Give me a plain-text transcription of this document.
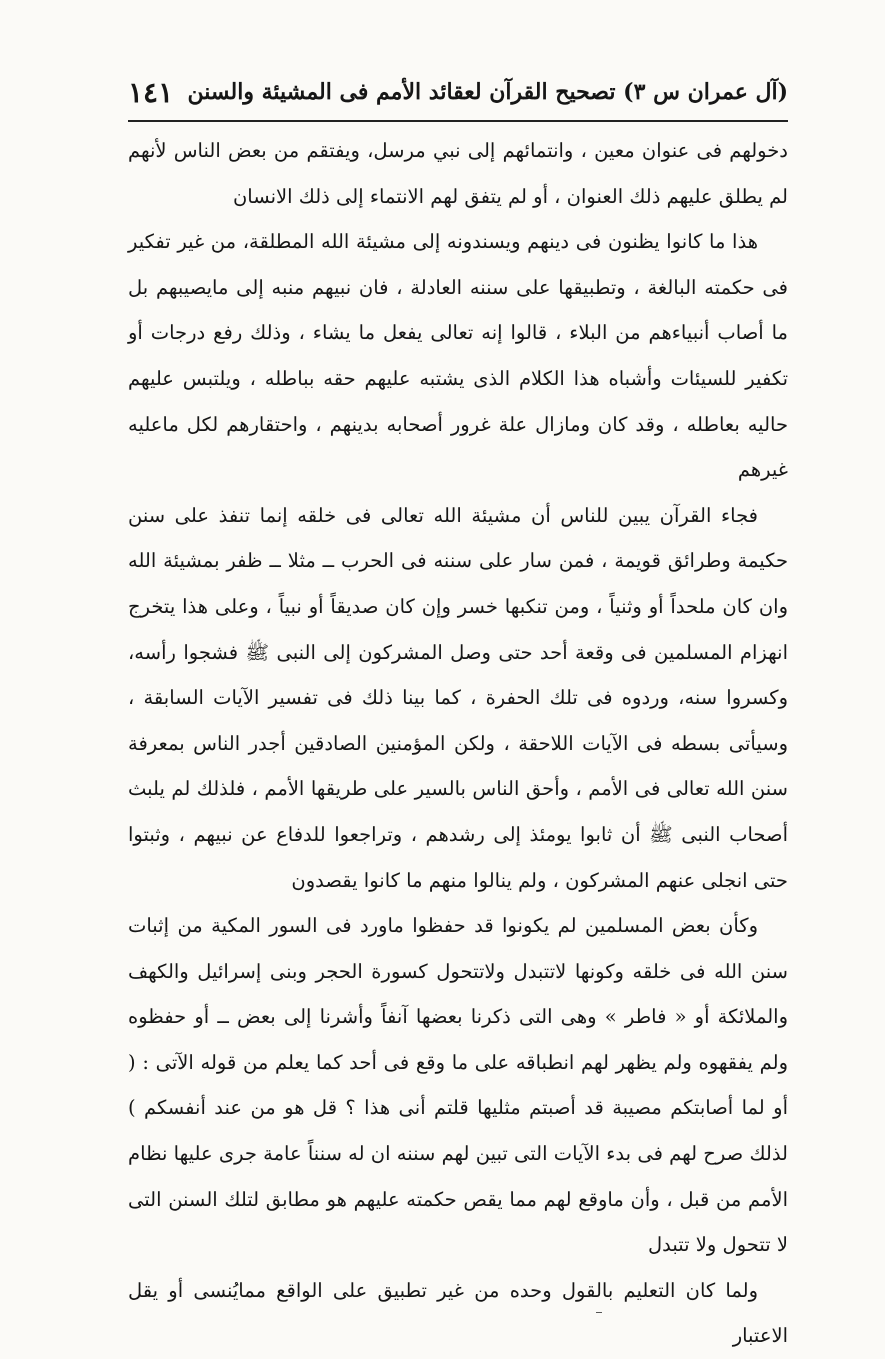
(آل عمران س ٣) تصحيح القرآن لعقائد الأمم فى المشيئة والسنن
١٤١

دخولهم فى عنوان معين ، وانتمائهم إلى نبي مرسل، ويفتقم من بعض الناس لأنهم لم يطلق عليهم ذلك العنوان ، أو لم يتفق لهم الانتماء إلى ذلك الانسان

هذا ما كانوا يظنون فى دينهم ويسندونه إلى مشيئة الله المطلقة، من غير تفكير فى حكمته البالغة ، وتطبيقها على سننه العادلة ، فان نبيهم منبه إلى مايصيبهم بل ما أصاب أنبياءهم من البلاء ، قالوا إنه تعالى يفعل ما يشاء ، وذلك رفع درجات أو تكفير للسيئات وأشباه هذا الكلام الذى يشتبه عليهم حقه بباطله ، ويلتبس عليهم حاليه بعاطله ، وقد كان ومازال علة غرور أصحابه بدينهم ، واحتقارهم لكل ماعليه غيرهم

فجاء القرآن يبين للناس أن مشيئة الله تعالى فى خلقه إنما تنفذ على سنن حكيمة وطرائق قويمة ، فمن سار على سننه فى الحرب ــ مثلا ــ ظفر بمشيئة الله وان كان ملحداً أو وثنياً ، ومن تنكبها خسر وإن كان صديقاً أو نبياً ، وعلى هذا يتخرج انهزام المسلمين فى وقعة أحد حتى وصل المشركون إلى النبى ﷺ فشجوا رأسه، وكسروا سنه، وردوه فى تلك الحفرة ، كما بينا ذلك فى تفسير الآيات السابقة ، وسيأتى بسطه فى الآيات اللاحقة ، ولكن المؤمنين الصادقين أجدر الناس بمعرفة سنن الله تعالى فى الأمم ، وأحق الناس بالسير على طريقها الأمم ، فلذلك لم يلبث أصحاب النبى ﷺ أن ثابوا يومئذ إلى رشدهم ، وتراجعوا للدفاع عن نبيهم ، وثبتوا حتى انجلى عنهم المشركون ، ولم ينالوا منهم ما كانوا يقصدون

وكأن بعض المسلمين لم يكونوا قد حفظوا ماورد فى السور المكية من إثبات سنن الله فى خلقه وكونها لاتتبدل ولاتتحول كسورة الحجر وبنى إسرائيل والكهف والملائكة أو « فاطر » وهى التى ذكرنا بعضها آنفاً وأشرنا إلى بعض ــ أو حفظوه ولم يفقهوه ولم يظهر لهم انطباقه على ما وقع فى أحد كما يعلم من قوله الآتى : ( أو لما أصابتكم مصيبة قد أصبتم مثليها قلتم أنى هذا ؟ قل هو من عند أنفسكم ) لذلك صرح لهم فى بدء الآيات التى تبين لهم سننه ان له سنناً عامة جرى عليها نظام الأمم من قبل ، وأن ماوقع لهم مما يقص حكمته عليهم هو مطابق لتلك السنن التى لا تتحول ولا تتبدل

ولما كان التعليم بالقول وحده من غير تطبيق على الواقع ممايُنسى أو يقل الاعتبار
